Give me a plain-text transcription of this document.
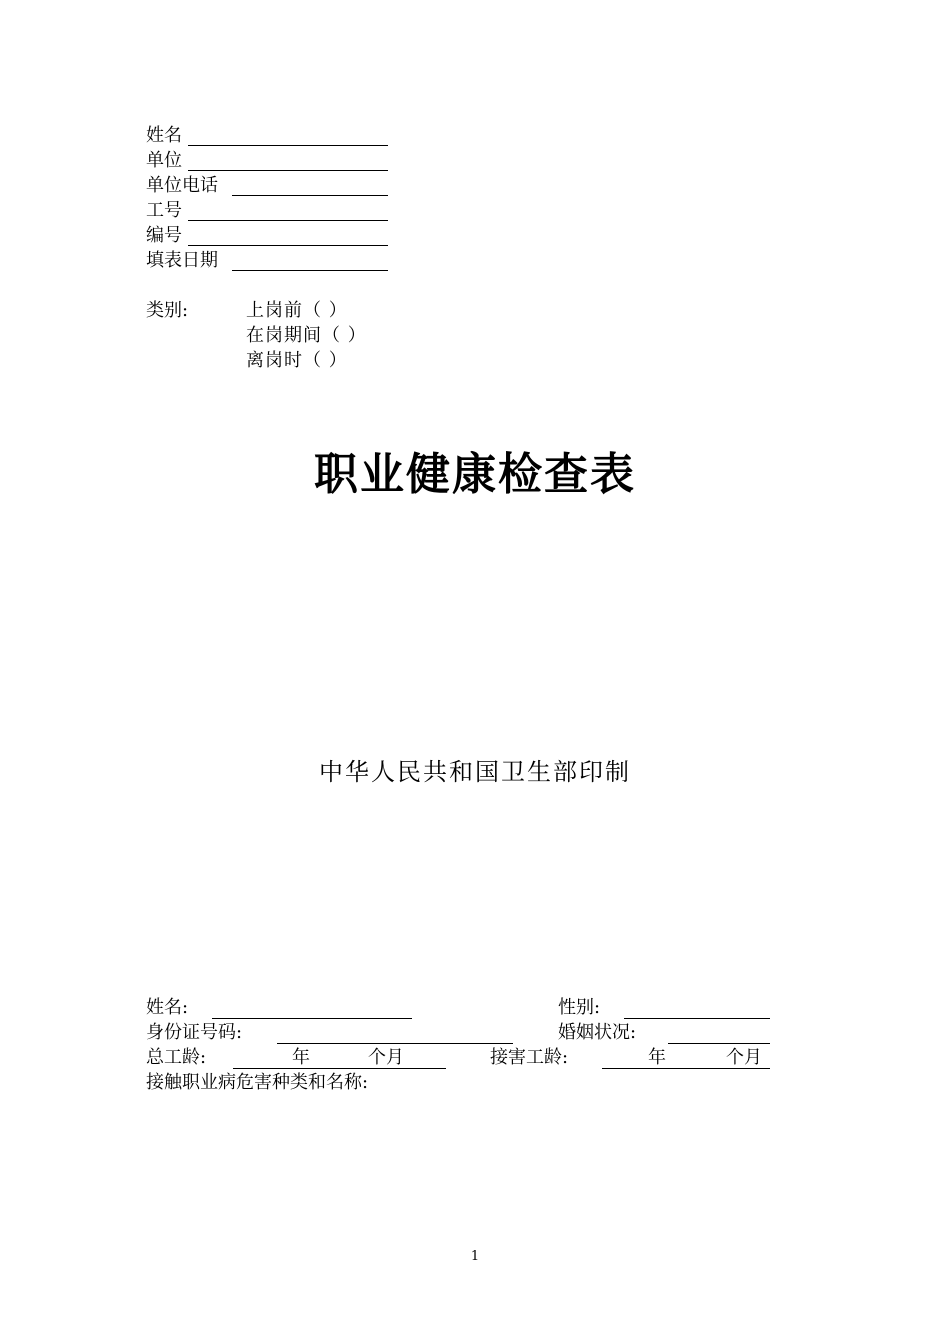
姓名
单位
单位电话
工号
编号
填表日期
类别:	上岗前（ ）
在岗期间（ ）
离岗时（ ）
职业健康检查表
中华人民共和国卫生部印制
姓名:	性别:
身份证号码:	婚姻状况:
总工龄:	年	个月	接害工龄:	年	个月
接触职业病危害种类和名称:
1
